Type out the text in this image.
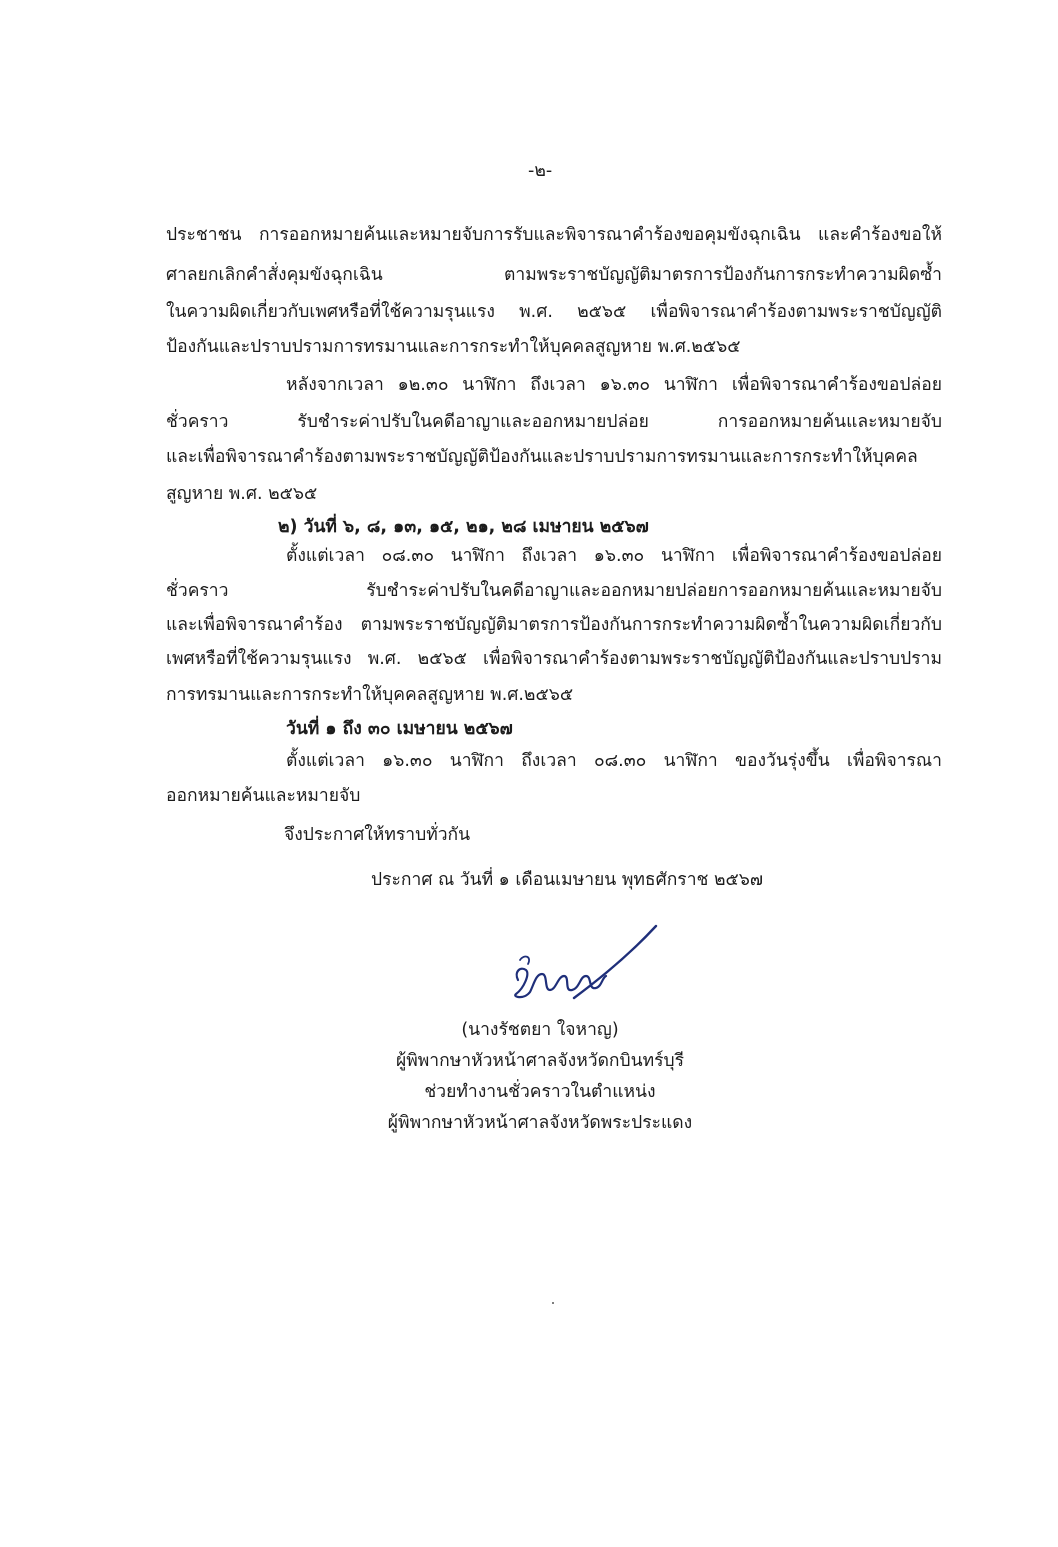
-๒-
ประชาชน การออกหมายค้นและหมายจับการรับและพิจารณาคำร้องขอคุมขังฉุกเฉิน และคำร้องขอให้
ศาลยกเลิกคำสั่งคุมขังฉุกเฉิน ตามพระราชบัญญัติมาตรการป้องกันการกระทำความผิดซ้ำ
ในความผิดเกี่ยวกับเพศหรือที่ใช้ความรุนแรง พ.ศ. ๒๕๖๕ เพื่อพิจารณาคำร้องตามพระราชบัญญัติ
ป้องกันและปราบปรามการทรมานและการกระทำให้บุคคลสูญหาย พ.ศ.๒๕๖๕
หลังจากเวลา ๑๒.๓๐ นาฬิกา ถึงเวลา ๑๖.๓๐ นาฬิกา เพื่อพิจารณาคำร้องขอปล่อย
ชั่วคราว รับชำระค่าปรับในคดีอาญาและออกหมายปล่อย การออกหมายค้นและหมายจับ
และเพื่อพิจารณาคำร้องตามพระราชบัญญัติป้องกันและปราบปรามการทรมานและการกระทำให้บุคคล
สูญหาย พ.ศ. ๒๕๖๕
๒) วันที่ ๖, ๘, ๑๓, ๑๕, ๒๑, ๒๘ เมษายน ๒๕๖๗
ตั้งแต่เวลา ๐๘.๓๐ นาฬิกา ถึงเวลา ๑๖.๓๐ นาฬิกา เพื่อพิจารณาคำร้องขอปล่อย
ชั่วคราว รับชำระค่าปรับในคดีอาญาและออกหมายปล่อยการออกหมายค้นและหมายจับ
และเพื่อพิจารณาคำร้อง ตามพระราชบัญญัติมาตรการป้องกันการกระทำความผิดซ้ำในความผิดเกี่ยวกับ
เพศหรือที่ใช้ความรุนแรง พ.ศ. ๒๕๖๕ เพื่อพิจารณาคำร้องตามพระราชบัญญัติป้องกันและปราบปราม
การทรมานและการกระทำให้บุคคลสูญหาย พ.ศ.๒๕๖๕
วันที่ ๑ ถึง ๓๐ เมษายน ๒๕๖๗
ตั้งแต่เวลา ๑๖.๓๐ นาฬิกา ถึงเวลา ๐๘.๓๐ นาฬิกา ของวันรุ่งขึ้น เพื่อพิจารณา
ออกหมายค้นและหมายจับ
จึงประกาศให้ทราบทั่วกัน
ประกาศ ณ วันที่ ๑ เดือนเมษายน พุทธศักราช ๒๕๖๗
(นางรัชตยา ใจหาญ)
ผู้พิพากษาหัวหน้าศาลจังหวัดกบินทร์บุรี
ช่วยทำงานชั่วคราวในตำแหน่ง
ผู้พิพากษาหัวหน้าศาลจังหวัดพระประแดง
